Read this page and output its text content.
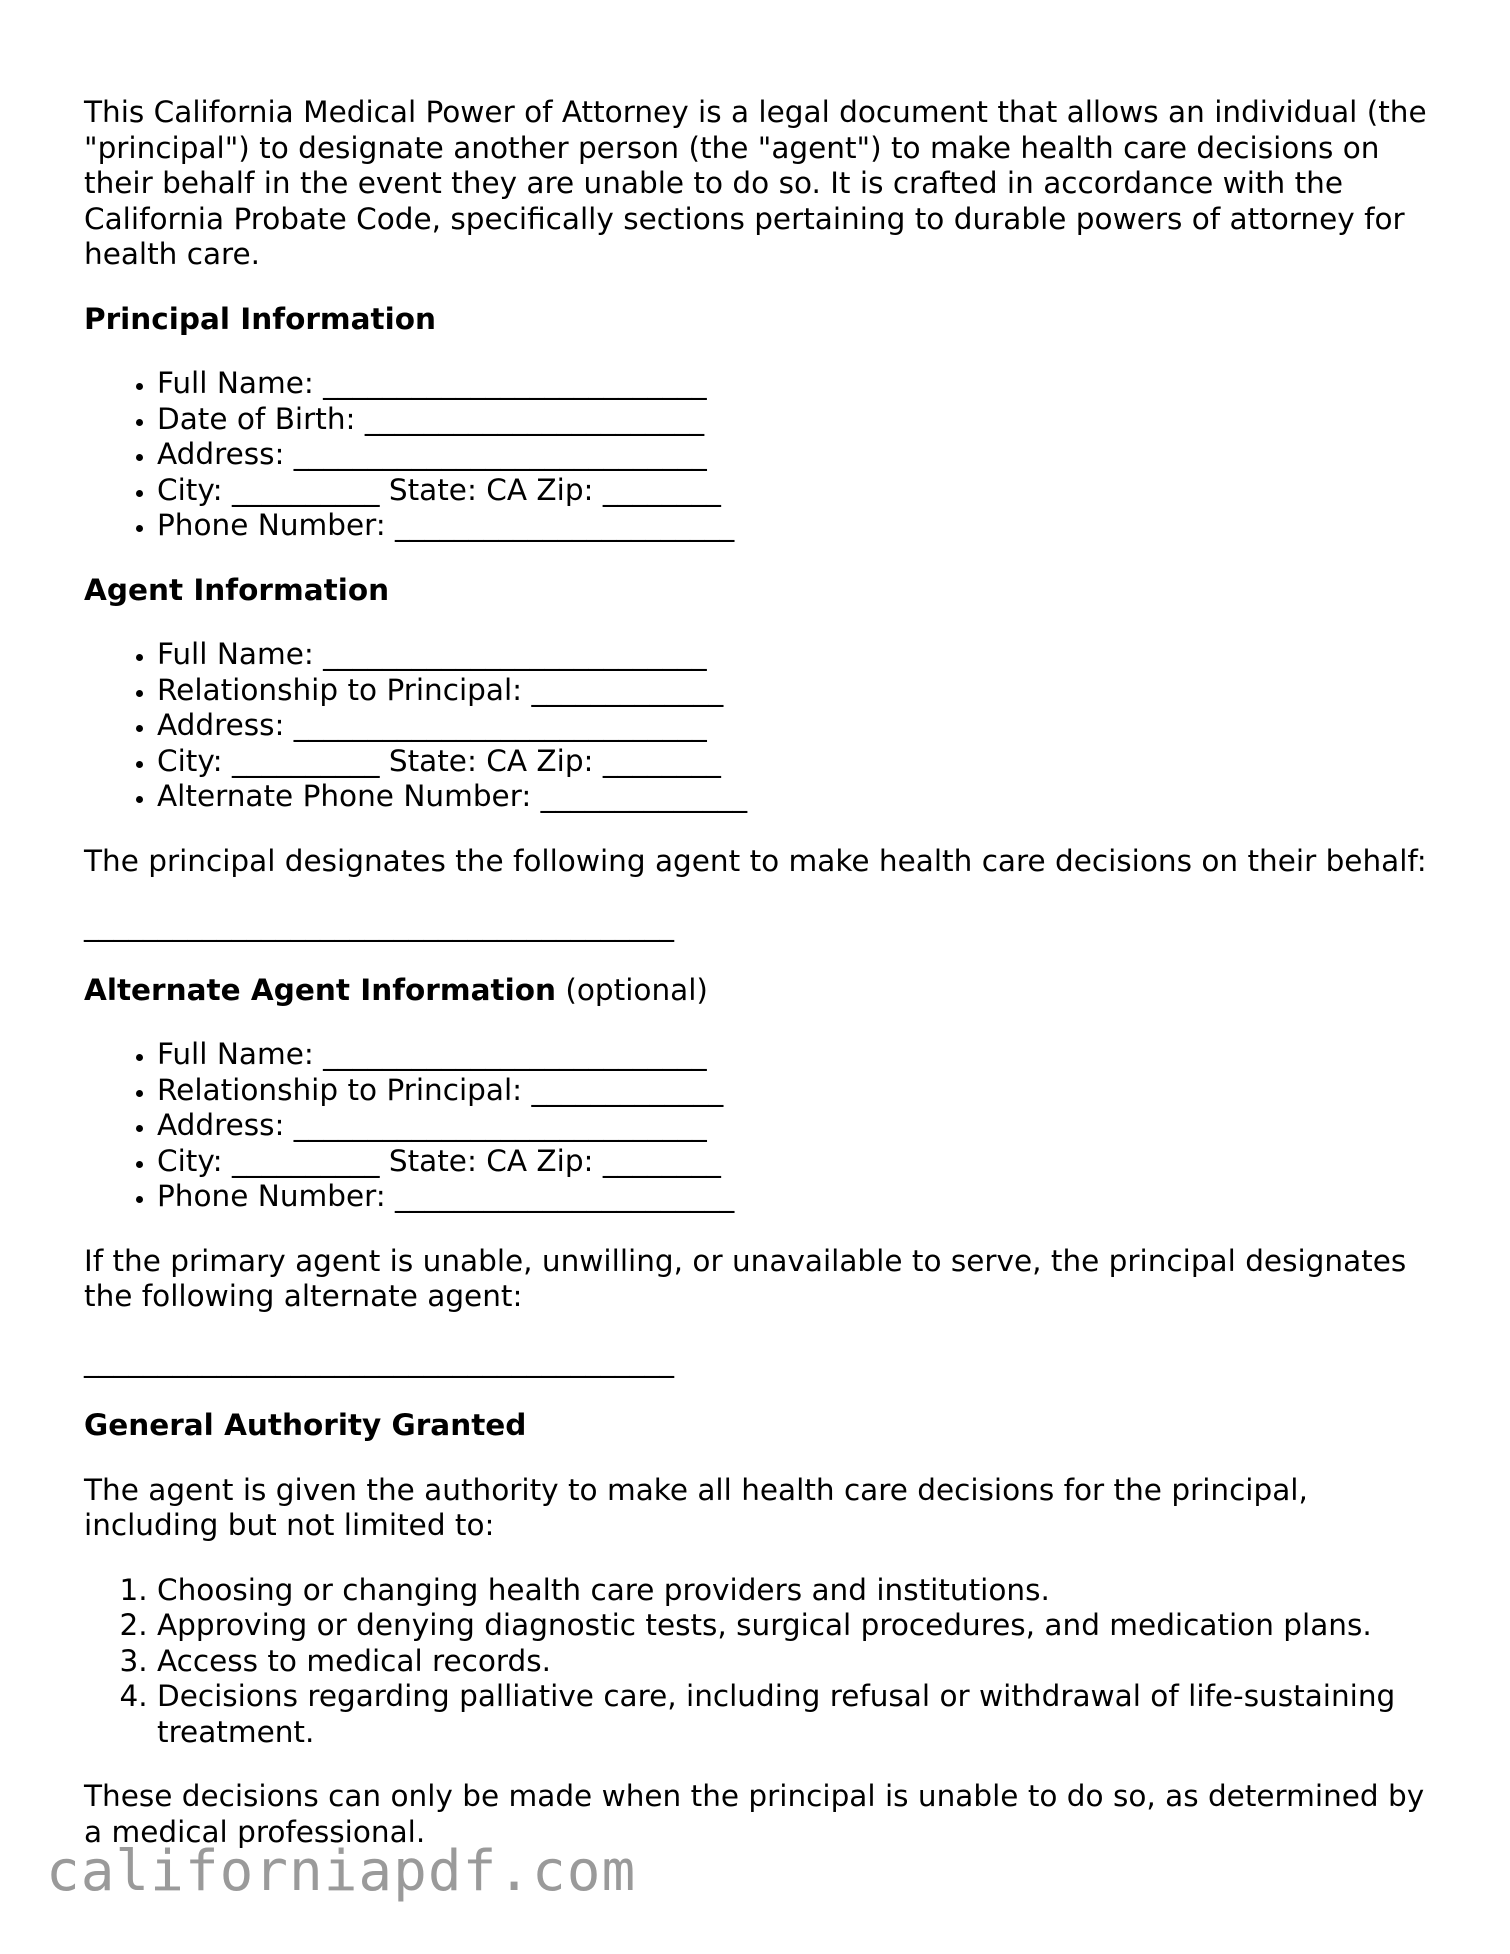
This California Medical Power of Attorney is a legal document that allows an individual (the "principal") to designate another person (the "agent") to make health care decisions on their behalf in the event they are unable to do so. It is crafted in accordance with the California Probate Code, specifically sections pertaining to durable powers of attorney for health care.

Principal Information
• Full Name: __________________________
• Date of Birth: _______________________
• Address: ____________________________
• City: __________ State: CA Zip: ________
• Phone Number: _______________________
Agent Information
• Full Name: __________________________
• Relationship to Principal: _____________
• Address: ____________________________
• City: __________ State: CA Zip: ________
• Alternate Phone Number: ______________

The principal designates the following agent to make health care decisions on their behalf:

________________________________________
Alternate Agent Information (optional)
• Full Name: __________________________
• Relationship to Principal: _____________
• Address: ____________________________
• City: __________ State: CA Zip: ________
• Phone Number: _______________________

If the primary agent is unable, unwilling, or unavailable to serve, the principal designates the following alternate agent:

________________________________________
General Authority Granted

The agent is given the authority to make all health care decisions for the principal, including but not limited to:

1. Choosing or changing health care providers and institutions.
2. Approving or denying diagnostic tests, surgical procedures, and medication plans.
3. Access to medical records.
4. Decisions regarding palliative care, including refusal or withdrawal of life-sustaining treatment.

These decisions can only be made when the principal is unable to do so, as determined by a medical professional.

californiapdf.com
